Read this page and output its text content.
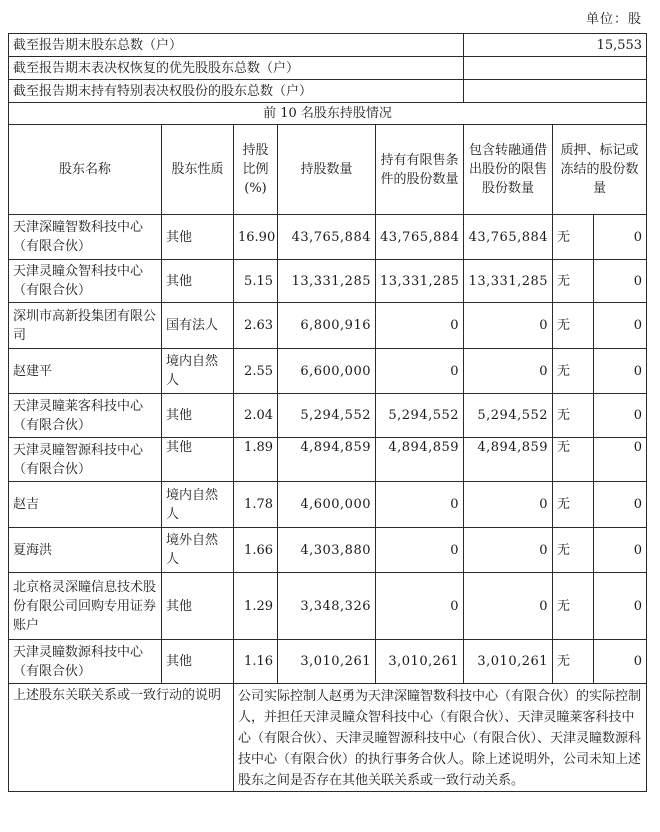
单位：股
截至报告期末股东总数（户）					15,553		
截至报告期末表决权恢复的优先股股东总数（户）							
截至报告期末持有特别表决权股份的股东总数（户）							
前 10 名股东持股情况							
股东名称	股东性质	持股比例(%)	持股数量	持有有限售条件的股份数量	包含转融通借出股份的限售股份数量	质押、标记或冻结的股份数量	
天津深瞳智数科技中心（有限合伙）	其他	16.90	43,765,884	43,765,884	43,765,884	无	0
天津灵瞳众智科技中心（有限合伙）	其他	5.15	13,331,285	13,331,285	13,331,285	无	0
深圳市高新投集团有限公司	国有法人	2.63	6,800,916	0	0	无	0
赵建平	境内自然人	2.55	6,600,000	0	0	无	0
天津灵瞳莱客科技中心（有限合伙）	其他	2.04	5,294,552	5,294,552	5,294,552	无	0
天津灵瞳智源科技中心（有限合伙）	其他	1.89	4,894,859	4,894,859	4,894,859	无	0
赵吉	境内自然人	1.78	4,600,000	0	0	无	0
夏海洪	境外自然人	1.66	4,303,880	0	0	无	0
北京格灵深瞳信息技术股份有限公司回购专用证券账户	其他	1.29	3,348,326	0	0	无	0
天津灵瞳数源科技中心（有限合伙）	其他	1.16	3,010,261	3,010,261	3,010,261	无	0
上述股东关联关系或一致行动的说明		公司实际控制人赵勇为天津深瞳智数科技中心（有限合伙）的实际控制人，并担任天津灵瞳众智科技中心（有限合伙）、天津灵瞳莱客科技中心（有限合伙）、天津灵瞳智源科技中心（有限合伙）、天津灵瞳数源科技中心（有限合伙）的执行事务合伙人。除上述说明外，公司未知上述股东之间是否存在其他关联关系或一致行动关系。					
